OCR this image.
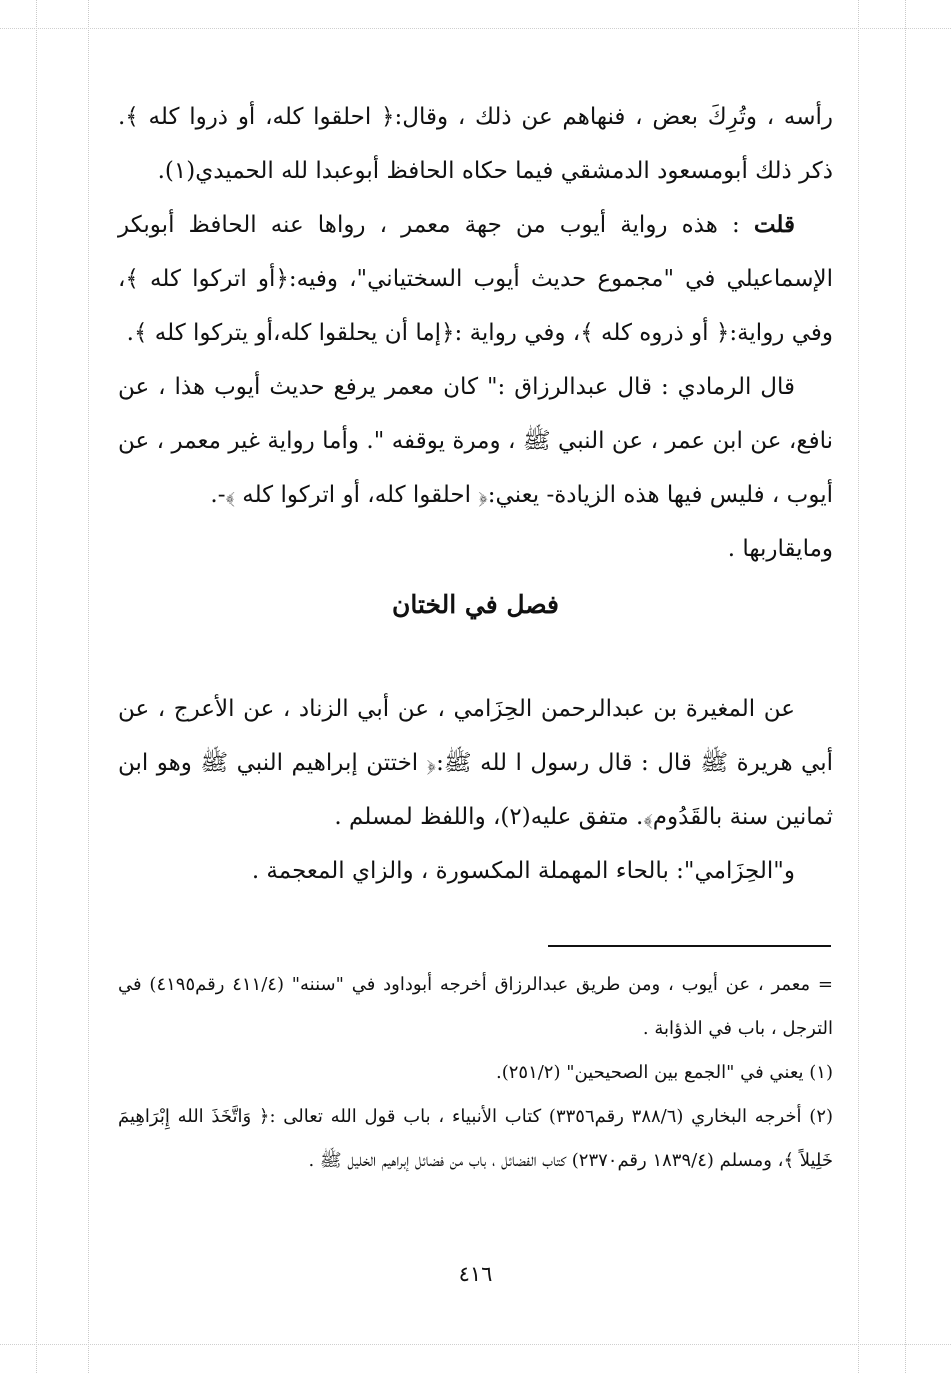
رأسه ، وتُرِكَ بعض ، فنهاهم عن ذلك ، وقال:﴿ احلقوا كله، أو ذروا كله ﴾. ذكر ذلك أبومسعود الدمشقي فيما حكاه الحافظ أبوعبدا لله الحميدي(١).

قلت : هذه رواية أيوب من جهة معمر ، رواها عنه الحافظ أبوبكر الإسماعيلي في "مجموع حديث أيوب السختياني"، وفيه:﴿أو اتركوا كله ﴾، وفي رواية:﴿ أو ذروه كله ﴾، وفي رواية :﴿إما أن يحلقوا كله،أو يتركوا كله ﴾.

قال الرمادي : قال عبدالرزاق :" كان معمر يرفع حديث أيوب هذا ، عن نافع، عن ابن عمر ، عن النبي ﷺ ، ومرة يوقفه ". وأما رواية غير معمر ، عن أيوب ، فليس فيها هذه الزيادة- يعني:﴿ احلقوا كله، أو اتركوا كله ﴾-.
ومايقاربها .

فصل في الختان

عن المغيرة بن عبدالرحمن الحِزَامي ، عن أبي الزناد ، عن الأعرج ، عن أبي هريرة ﷺ قال : قال رسول ا لله ﷺ:﴿ اختتن إبراهيم النبي ﷺ وهو ابن ثمانين سنة بالقَدُوم﴾. متفق عليه(٢)، واللفظ لمسلم .

و"الحِزَامي": بالحاء المهملة المكسورة ، والزاي المعجمة .

= معمر ، عن أيوب ، ومن طريق عبدالرزاق أخرجه أبوداود في "سننه" (٤١١/٤ رقم٤١٩٥) في الترجل ، باب في الذؤابة .
(١) يعني في "الجمع بين الصحيحين" (٢٥١/٢).
(٢) أخرجه البخاري (٣٨٨/٦ رقم٣٣٥٦) كتاب الأنبياء ، باب قول الله تعالى :﴿ وَاتَّخَذَ الله إِبْرَاهِيمَ خَلِيلاً ﴾، ومسلم (١٨٣٩/٤ رقم٢٣٧٠) كتاب الفضائل ، باب من فضائل إبراهيم الخليل ﷺ .
٤١٦
